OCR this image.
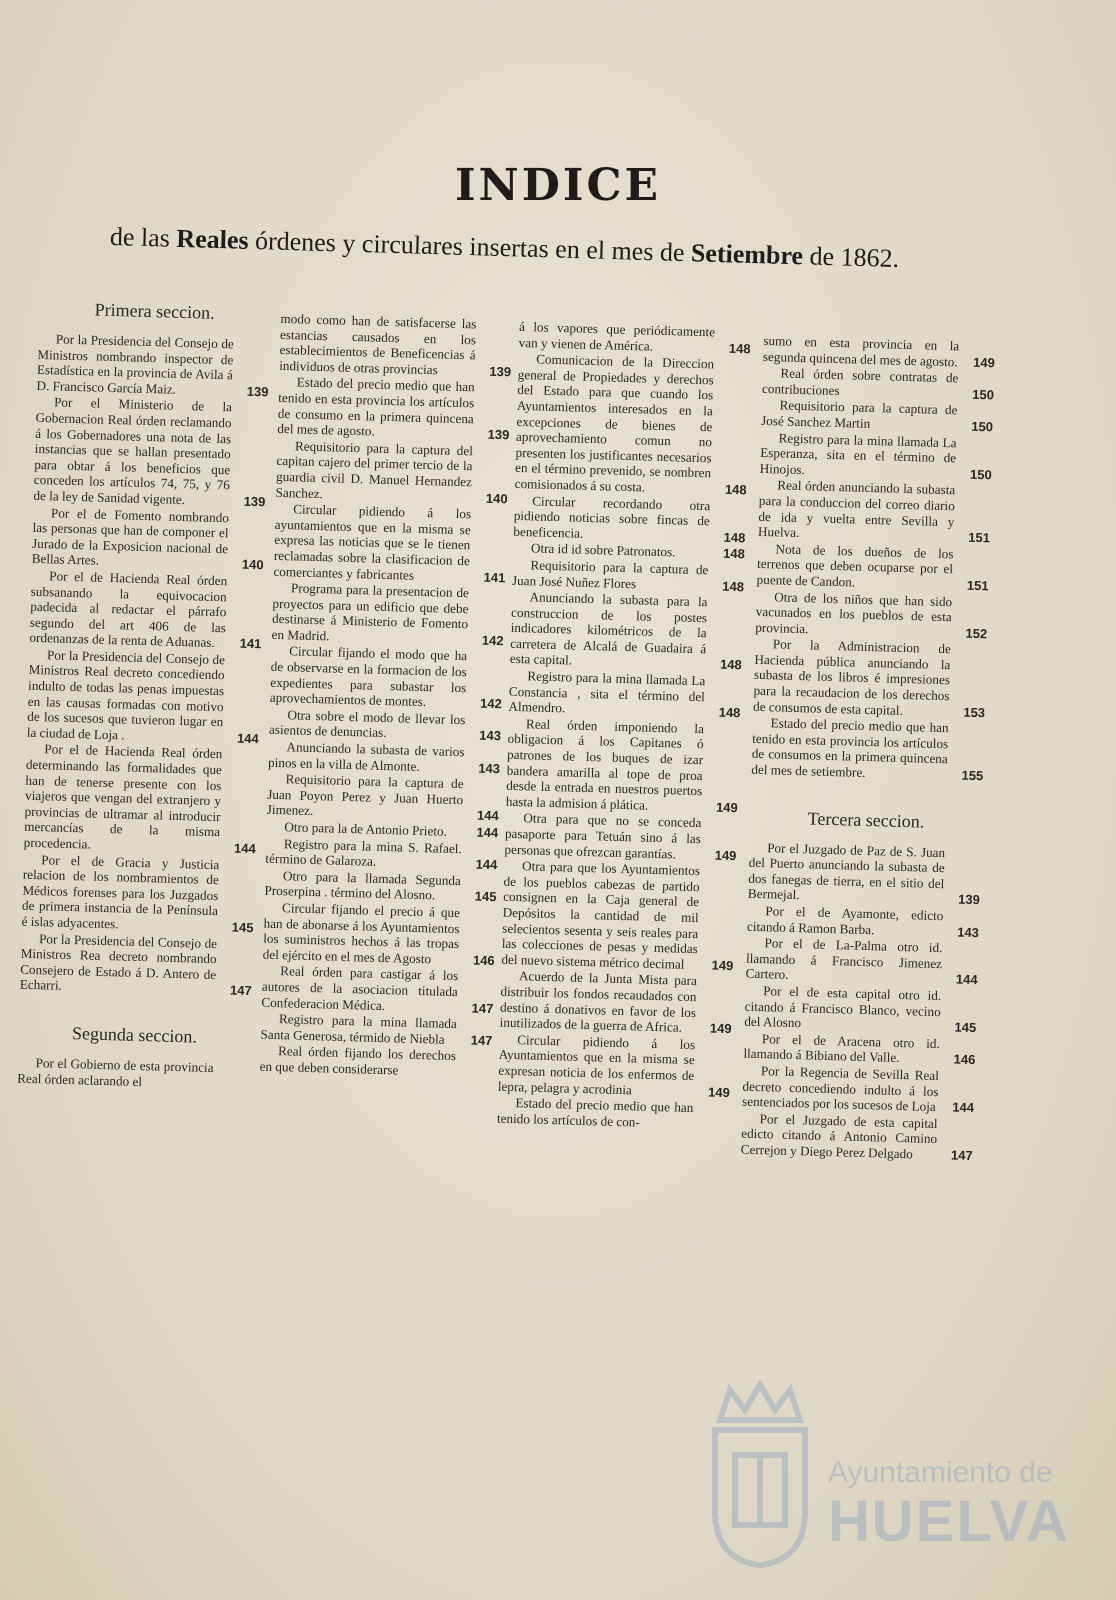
INDICE
de las Reales órdenes y circulares insertas en el mes de Setiembre de 1862.
Primera seccion.
Por la Presidencia del Consejo de Ministros nombrando inspector de Estadística en la provincia de Avila á D. Francisco García Maiz.	139
Por el Ministerio de la Gobernacion Real órden reclamando á los Gobernadores una nota de las instancias que se hallan presentado para obtar á los beneficios que conceden los artículos 74, 75, y 76 de la ley de Sanidad vigente.	139
Por el de Fomento nombrando las personas que han de componer el Jurado de la Exposicion nacional de Bellas Artes.	140
Por el de Hacienda Real órden subsanando la equivocacion padecida al redactar el párrafo segundo del art 406 de las ordenanzas de la renta de Aduanas.	141
Por la Presidencia del Consejo de Ministros Real decreto concediendo indulto de todas las penas impuestas en las causas formadas con motivo de los sucesos que tuvieron lugar en la ciudad de Loja .	144
Por el de Hacienda Real órden determinando las formalidades que han de tenerse presente con los viajeros que vengan del extranjero y provincias de ultramar al introducir mercancías de la misma procedencia.	144
Por el de Gracia y Justicia relacion de los nombramientos de Médicos forenses para los Juzgados de primera instancia de la Península é islas adyacentes.	145
Por la Presidencia del Consejo de Ministros Rea decreto nombrando Consejero de Estado á D. Antero de Echarri.	147
Segunda seccion.
Por el Gobierno de esta provincia Real órden aclarando el
modo como han de satisfacerse las estancias causados en los establecimientos de Beneficencias á individuos de otras provincias	139
Estado del precio medio que han tenido en esta provincia los artículos de consumo en la primera quincena del mes de agosto.	139
Requisitorio para la captura del capitan cajero del primer tercio de la guardia civil D. Manuel Hernandez Sanchez.	140
Circular pidiendo á los ayuntamientos que en la misma se expresa las noticias que se le tienen reclamadas sobre la clasificacion de comerciantes y fabricantes	141
Programa para la presentacion de proyectos para un edificio que debe destinarse á Ministerio de Fomento en Madrid.	142
Circular fijando el modo que ha de observarse en la formacion de los expedientes para subastar los aprovechamientos de montes.	142
Otra sobre el modo de llevar los asientos de denuncias.	143
Anunciando la subasta de varios pinos en la villa de Almonte.	143
Requisitorio para la captura de Juan Poyon Perez y Juan Huerto Jimenez.	144
Otro para la de Antonio Prieto.	144
Registro para la mina S. Rafael. término de Galaroza.	144
Otro para la llamada Segunda Proserpina . término del Alosno.	145
Circular fijando el precio á que han de abonarse á los Ayuntamientos los suministros hechos á las tropas del ejército en el mes de Agosto	146
Real órden para castigar á los autores de la asociacion titulada Confederacion Médica.	147
Registro para la mina llamada Santa Generosa, térmido de Niebla	147
Real órden fijando los derechos en que deben considerarse
á los vapores que periódicamente van y vienen de América.	148
Comunicacion de la Direccion general de Propiedades y derechos del Estado para que cuando los Ayuntamientos interesados en la excepciones de bienes de aprovechamiento comun no presenten los justificantes necesarios en el término prevenido, se nombren comisionados á su costa.	148
Circular recordando otra pidiendo noticias sobre fincas de beneficencia.	148
Otra id id sobre Patronatos.	148
Requisitorio para la captura de Juan José Nuñez Flores	148
Anunciando la subasta para la construccion de los postes indicadores kilométricos de la carretera de Alcalá de Guadaira á esta capital.	148
Registro para la mina llamada La Constancia , sita el término del Almendro.	148
Real órden imponiendo la obligacion á los Capitanes ó patrones de los buques de izar bandera amarilla al tope de proa desde la entrada en nuestros puertos hasta la admision á plática.	149
Otra para que no se conceda pasaporte para Tetuán sino á las personas que ofrezcan garantías.	149
Otra para que los Ayuntamientos de los pueblos cabezas de partido consignen en la Caja general de Depósitos la cantidad de mil selecientos sesenta y seis reales para las colecciones de pesas y medidas del nuevo sistema métrico decimal	149
Acuerdo de la Junta Mista para distribuir los fondos recaudados con destino á donativos en favor de los inutilizados de la guerra de Africa.	149
Circular pidiendo á los Ayuntamientos que en la misma se expresan noticia de los enfermos de lepra, pelagra y acrodinia	149
Estado del precio medio que han tenido los artículos de con-
sumo en esta provincia en la segunda quincena del mes de agosto.	149
Real órden sobre contratas de contribuciones	150
Requisitorio para la captura de José Sanchez Martin	150
Registro para la mina llamada La Esperanza, sita en el término de Hinojos.	150
Real órden anunciando la subasta para la conduccion del correo diario de ida y vuelta entre Sevilla y Huelva.	151
Nota de los dueños de los terrenos que deben ocuparse por el puente de Candon.	151
Otra de los niños que han sido vacunados en los pueblos de esta provincia.	152
Por la Administracion de Hacienda pública anunciando la subasta de los libros é impresiones para la recaudacion de los derechos de consumos de esta capital.	153
Estado del precio medio que han tenido en esta provincia los artículos de consumos en la primera quincena del mes de setiembre.	155
Tercera seccion.
Por el Juzgado de Paz de S. Juan del Puerto anunciando la subasta de dos fanegas de tierra, en el sitio del Bermejal.	139
Por el de Ayamonte, edicto citando á Ramon Barba.	143
Por el de La-Palma otro id. llamando á Francisco Jimenez Cartero.	144
Por el de esta capital otro id. citando á Francisco Blanco, vecino del Alosno	145
Por el de Aracena otro id. llamando á Bibiano del Valle.	146
Por la Regencia de Sevilla Real decreto concediendo indulto á los sentenciados por los sucesos de Loja	144
Por el Juzgado de esta capital edicto citando á Antonio Camino Cerrejon y Diego Perez Delgado	147
Ayuntamiento de
HUELVA
